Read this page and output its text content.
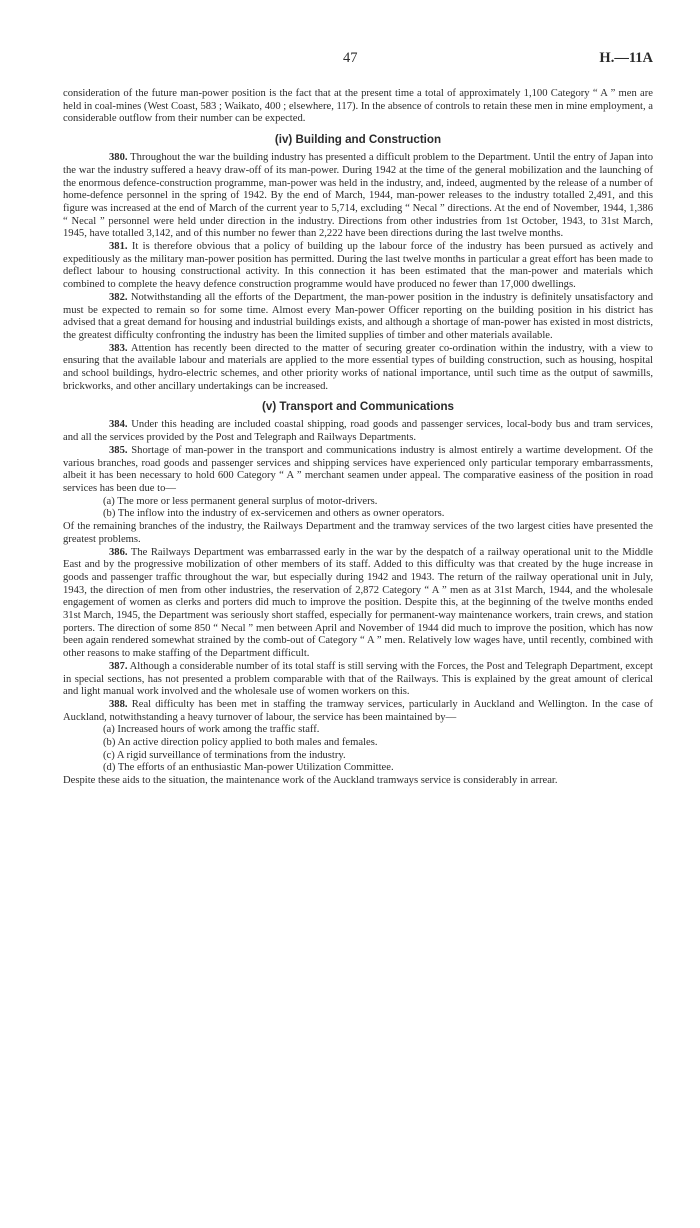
47	H.—11A

consideration of the future man-power position is the fact that at the present time a total of approximately 1,100 Category “ A ” men are held in coal-mines (West Coast, 583 ; Waikato, 400 ; elsewhere, 117). In the absence of controls to retain these men in mine employment, a considerable outflow from their number can be expected.

(iv) Building and Construction

380. Throughout the war the building industry has presented a difficult problem to the Department. Until the entry of Japan into the war the industry suffered a heavy draw-off of its man-power. During 1942 at the time of the general mobilization and the launching of the enormous defence-construction programme, man-power was held in the industry, and, indeed, augmented by the release of a number of home-defence personnel in the spring of 1942. By the end of March, 1944, man-power releases to the industry totalled 2,491, and this figure was increased at the end of March of the current year to 5,714, excluding “ Necal ” directions. At the end of November, 1944, 1,386 “ Necal ” personnel were held under direction in the industry. Directions from other industries from 1st October, 1943, to 31st March, 1945, have totalled 3,142, and of this number no fewer than 2,222 have been directions during the last twelve months.

381. It is therefore obvious that a policy of building up the labour force of the industry has been pursued as actively and expeditiously as the military man-power position has permitted. During the last twelve months in particular a great effort has been made to deflect labour to housing constructional activity. In this connection it has been estimated that the man-power and materials which combined to complete the heavy defence construction programme would have produced no fewer than 17,000 dwellings.

382. Notwithstanding all the efforts of the Department, the man-power position in the industry is definitely unsatisfactory and must be expected to remain so for some time. Almost every Man-power Officer reporting on the building position in his district has advised that a great demand for housing and industrial buildings exists, and although a shortage of man-power has existed in most districts, the greatest difficulty confronting the industry has been the limited supplies of timber and other materials available.

383. Attention has recently been directed to the matter of securing greater co-ordination within the industry, with a view to ensuring that the available labour and materials are applied to the more essential types of building construction, such as housing, hospital and school buildings, hydro-electric schemes, and other priority works of national importance, until such time as the output of sawmills, brickworks, and other ancillary undertakings can be increased.

(v) Transport and Communications

384. Under this heading are included coastal shipping, road goods and passenger services, local-body bus and tram services, and all the services provided by the Post and Telegraph and Railways Departments.

385. Shortage of man-power in the transport and communications industry is almost entirely a wartime development. Of the various branches, road goods and passenger services and shipping services have experienced only particular temporary embarrassments, albeit it has been necessary to hold 600 Category “ A ” merchant seamen under appeal. The comparative easiness of the position in road services has been due to—

(a) The more or less permanent general surplus of motor-drivers.

(b) The inflow into the industry of ex-servicemen and others as owner operators.

Of the remaining branches of the industry, the Railways Department and the tramway services of the two largest cities have presented the greatest problems.

386. The Railways Department was embarrassed early in the war by the despatch of a railway operational unit to the Middle East and by the progressive mobilization of other members of its staff. Added to this difficulty was that created by the huge increase in goods and passenger traffic throughout the war, but especially during 1942 and 1943. The return of the railway operational unit in July, 1943, the direction of men from other industries, the reservation of 2,872 Category “ A ” men as at 31st March, 1944, and the wholesale engagement of women as clerks and porters did much to improve the position. Despite this, at the beginning of the twelve months ended 31st March, 1945, the Department was seriously short staffed, especially for permanent-way maintenance workers, train crews, and station porters. The direction of some 850 “ Necal ” men between April and November of 1944 did much to improve the position, which has now been again rendered somewhat strained by the comb-out of Category “ A ” men. Relatively low wages have, until recently, combined with other reasons to make staffing of the Department difficult.

387. Although a considerable number of its total staff is still serving with the Forces, the Post and Telegraph Department, except in special sections, has not presented a problem comparable with that of the Railways. This is explained by the great amount of clerical and light manual work involved and the wholesale use of women workers on this.

388. Real difficulty has been met in staffing the tramway services, particularly in Auckland and Wellington. In the case of Auckland, notwithstanding a heavy turnover of labour, the service has been maintained by—

(a) Increased hours of work among the traffic staff.

(b) An active direction policy applied to both males and females.

(c) A rigid surveillance of terminations from the industry.

(d) The efforts of an enthusiastic Man-power Utilization Committee.

Despite these aids to the situation, the maintenance work of the Auckland tramways service is considerably in arrear.
